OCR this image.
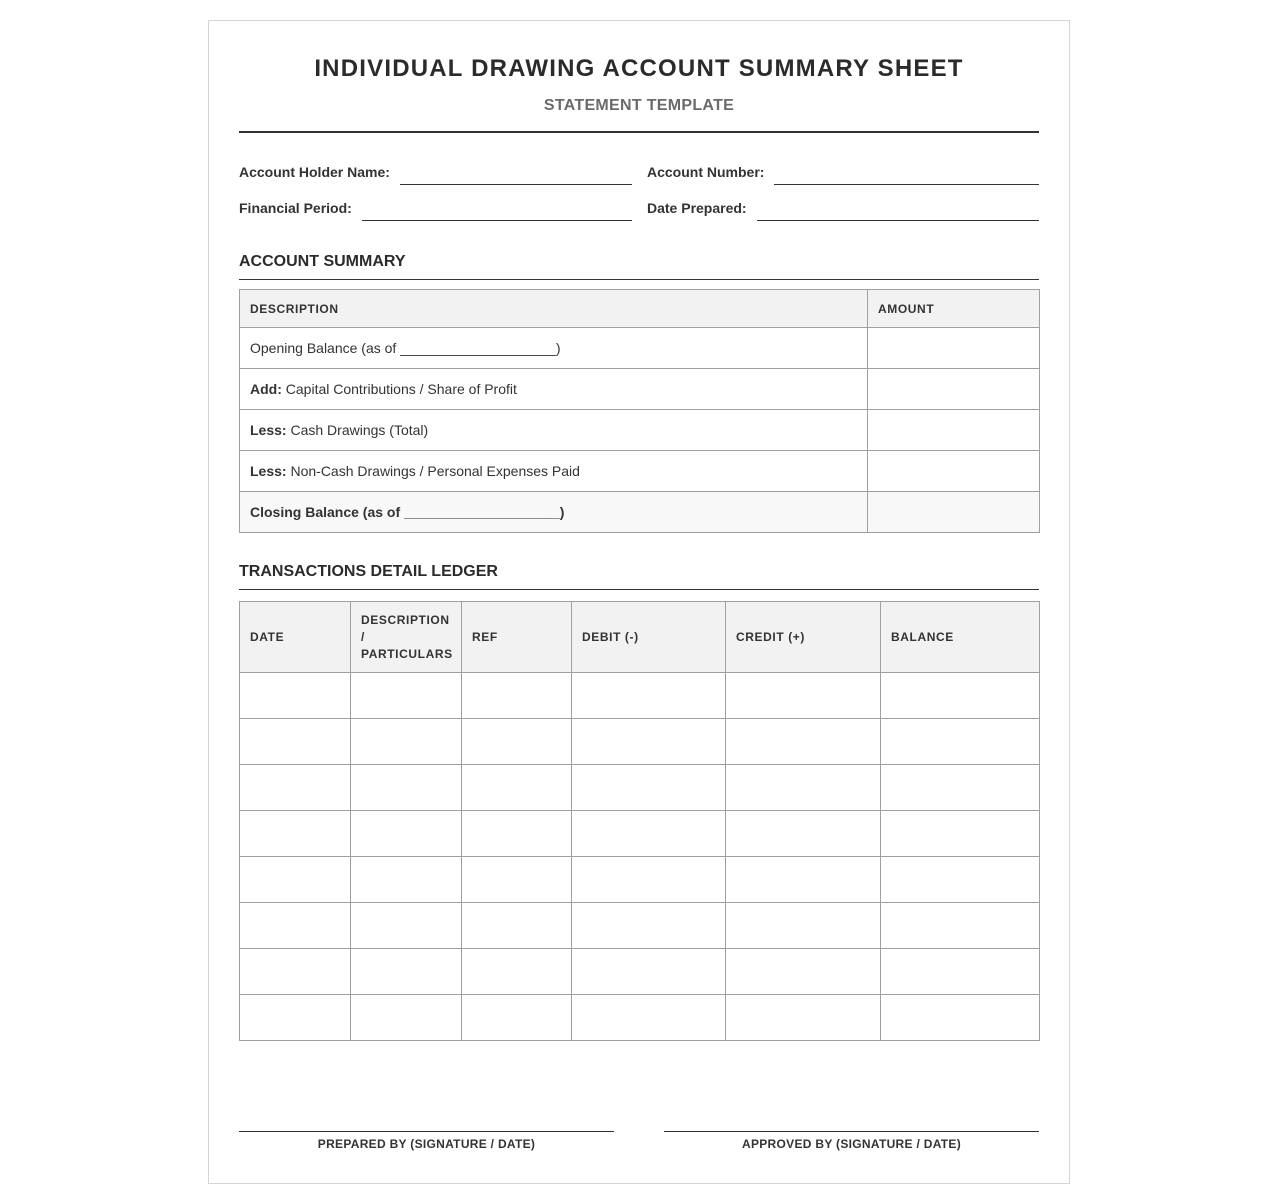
INDIVIDUAL DRAWING ACCOUNT SUMMARY SHEET
STATEMENT TEMPLATE
Account Holder Name:	Account Number:
Financial Period:	Date Prepared:
ACCOUNT SUMMARY
DESCRIPTION	AMOUNT
Opening Balance (as of ____________________)	
Add: Capital Contributions / Share of Profit	
Less: Cash Drawings (Total)	
Less: Non-Cash Drawings / Personal Expenses Paid	
Closing Balance (as of ____________________)	
TRANSACTIONS DETAIL LEDGER
DATE	DESCRIPTION / PARTICULARS	REF	DEBIT (-)	CREDIT (+)	BALANCE

PREPARED BY (SIGNATURE / DATE)	APPROVED BY (SIGNATURE / DATE)
